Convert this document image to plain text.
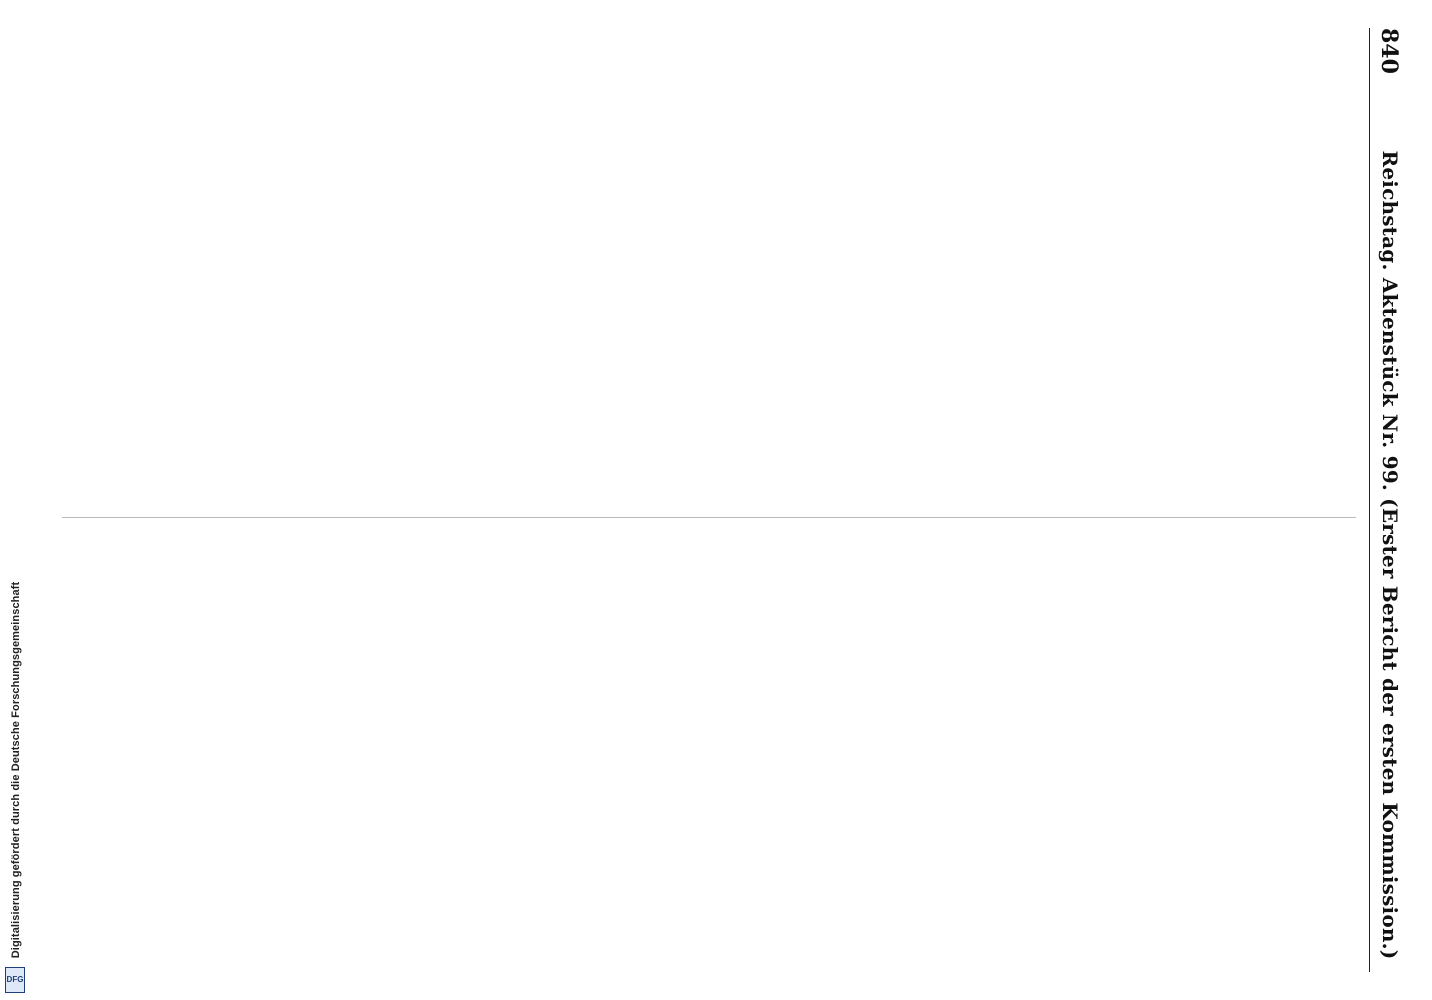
Digitalisierung gefördert durch die Deutsche Forschungsgemeinschaft
DFG
840
Reichstag. Aktenstück Nr. 99. (Erster Bericht der ersten Kommission.)
